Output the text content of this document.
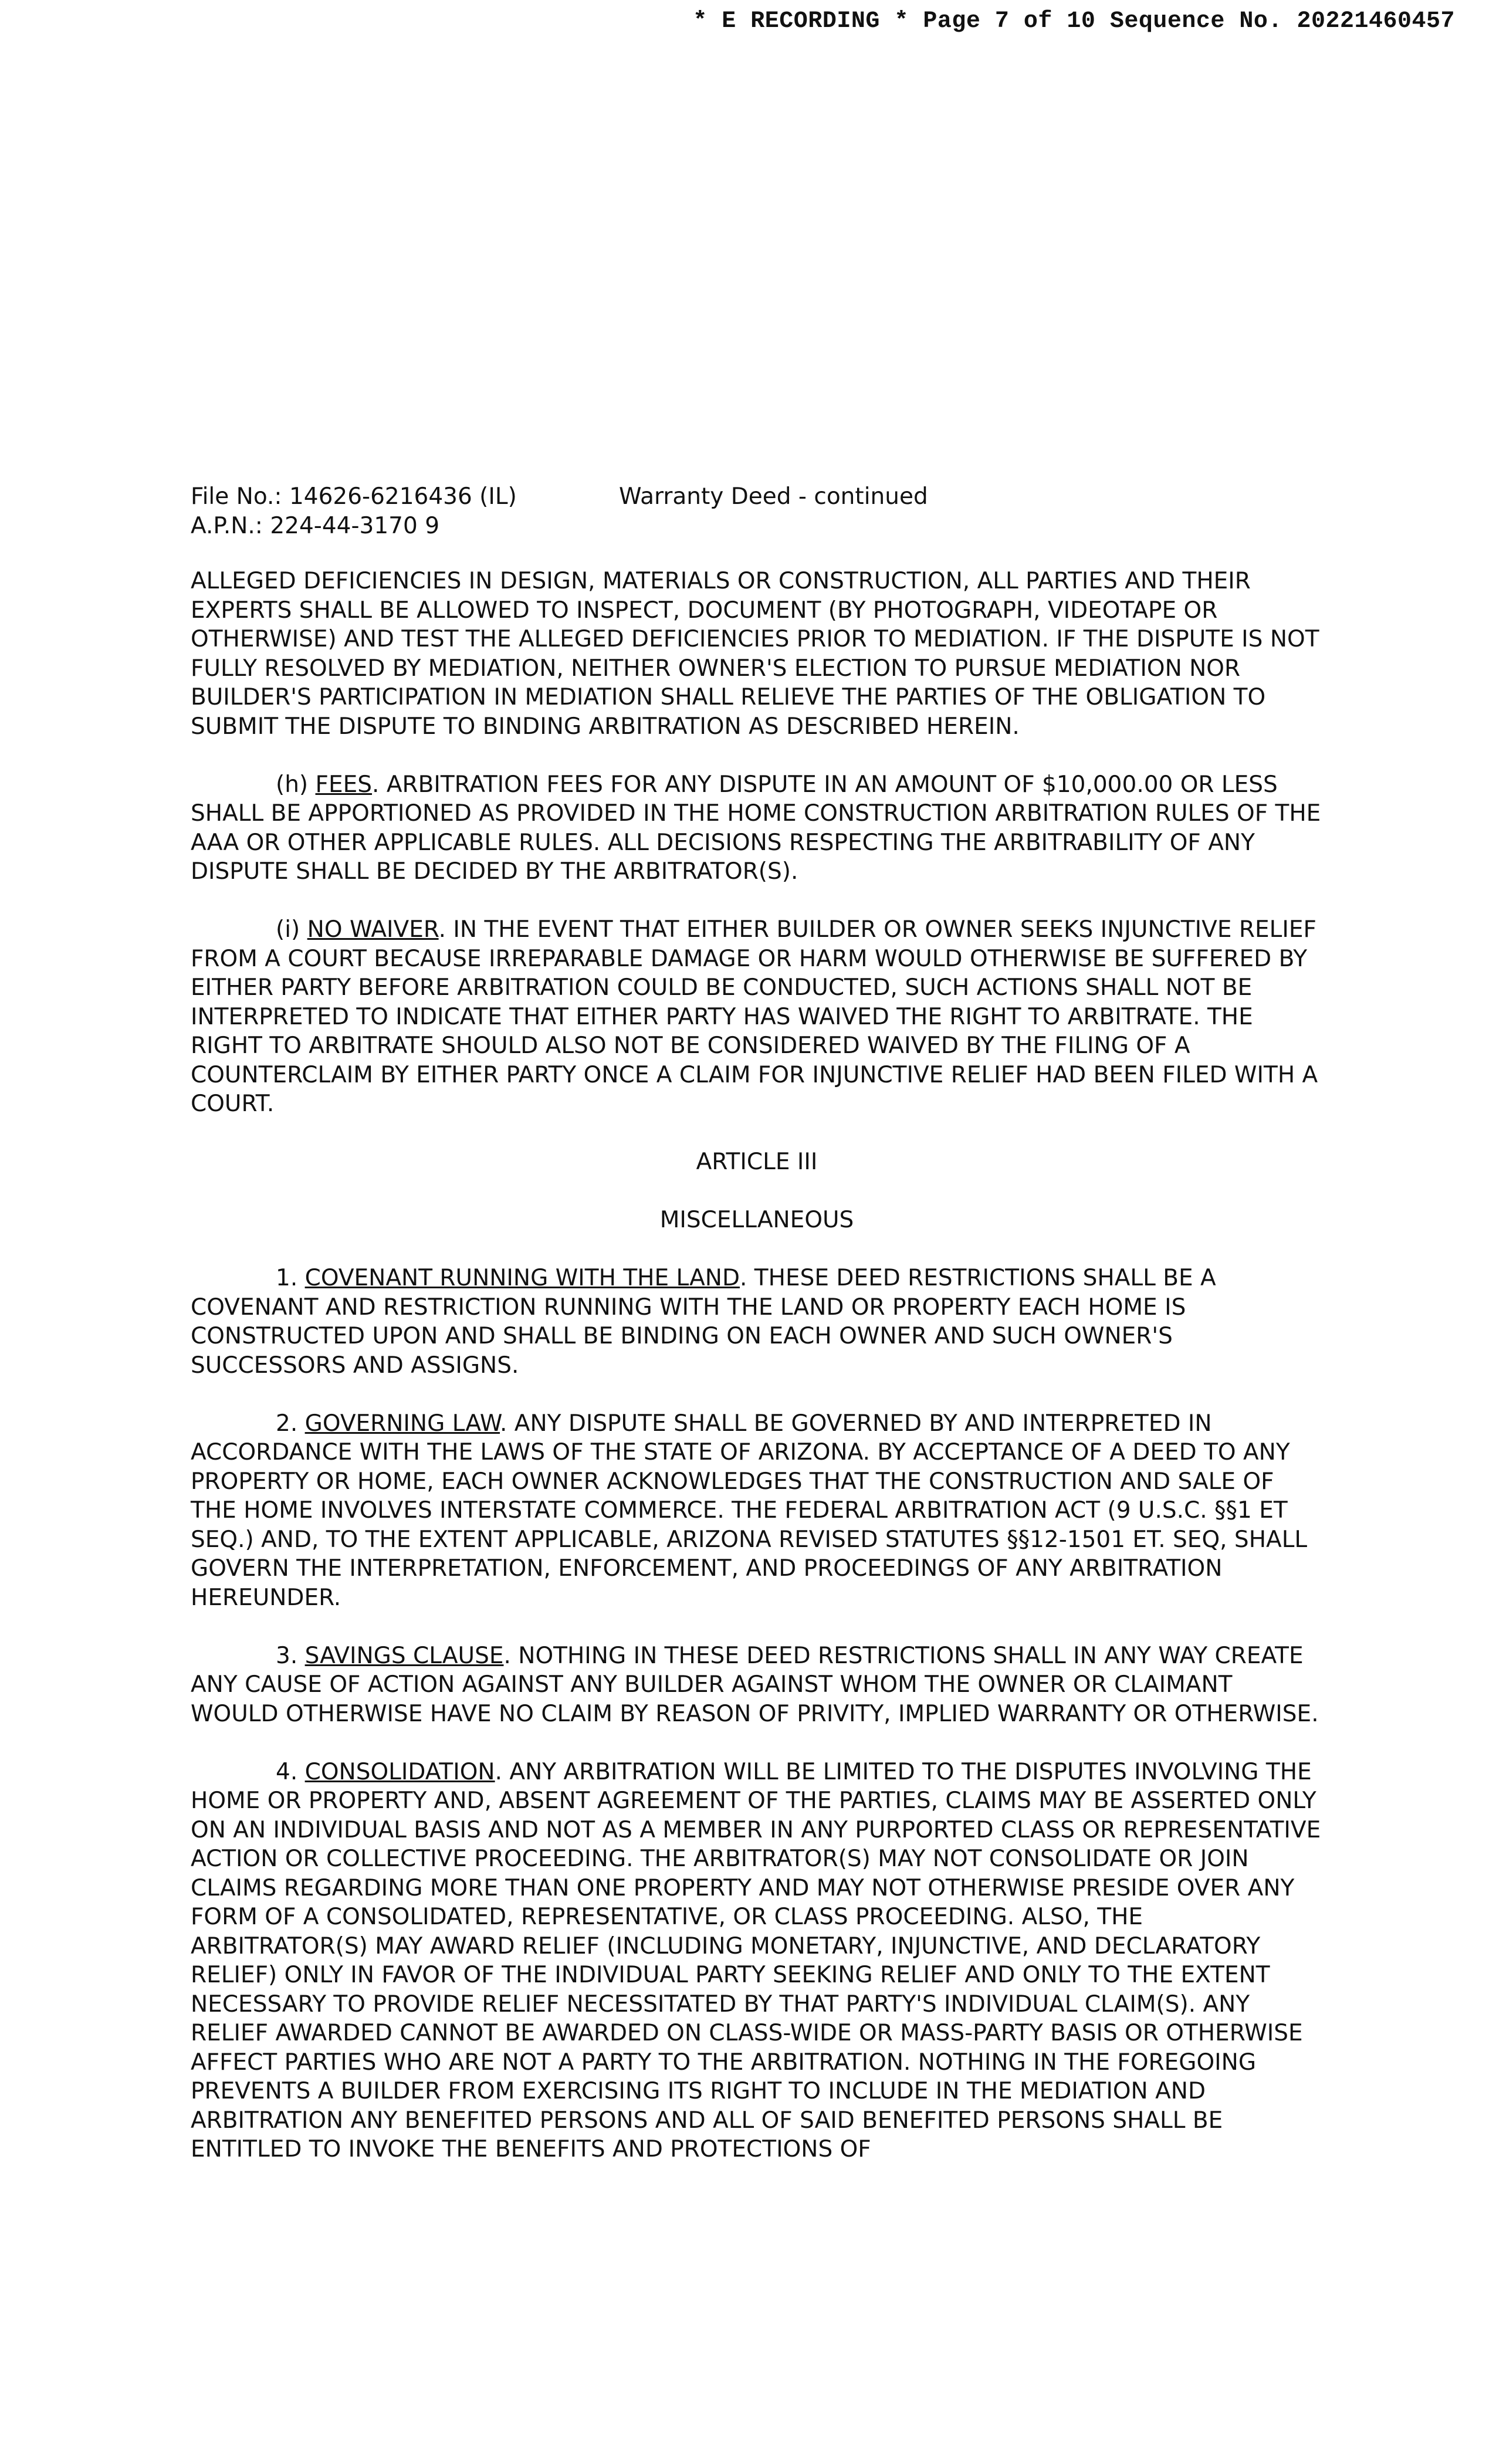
* E RECORDING * Page 7 of 10 Sequence No. 20221460457
File No.: 14626-6216436 (IL)	Warranty Deed - continued
A.P.N.: 224-44-3170 9

ALLEGED DEFICIENCIES IN DESIGN, MATERIALS OR CONSTRUCTION, ALL PARTIES AND THEIR EXPERTS SHALL BE ALLOWED TO INSPECT, DOCUMENT (BY PHOTOGRAPH, VIDEOTAPE OR OTHERWISE) AND TEST THE ALLEGED DEFICIENCIES PRIOR TO MEDIATION. IF THE DISPUTE IS NOT FULLY RESOLVED BY MEDIATION, NEITHER OWNER'S ELECTION TO PURSUE MEDIATION NOR BUILDER'S PARTICIPATION IN MEDIATION SHALL RELIEVE THE PARTIES OF THE OBLIGATION TO SUBMIT THE DISPUTE TO BINDING ARBITRATION AS DESCRIBED HEREIN.

(h) FEES. ARBITRATION FEES FOR ANY DISPUTE IN AN AMOUNT OF $10,000.00 OR LESS SHALL BE APPORTIONED AS PROVIDED IN THE HOME CONSTRUCTION ARBITRATION RULES OF THE AAA OR OTHER APPLICABLE RULES. ALL DECISIONS RESPECTING THE ARBITRABILITY OF ANY DISPUTE SHALL BE DECIDED BY THE ARBITRATOR(S).

(i) NO WAIVER. IN THE EVENT THAT EITHER BUILDER OR OWNER SEEKS INJUNCTIVE RELIEF FROM A COURT BECAUSE IRREPARABLE DAMAGE OR HARM WOULD OTHERWISE BE SUFFERED BY EITHER PARTY BEFORE ARBITRATION COULD BE CONDUCTED, SUCH ACTIONS SHALL NOT BE INTERPRETED TO INDICATE THAT EITHER PARTY HAS WAIVED THE RIGHT TO ARBITRATE. THE RIGHT TO ARBITRATE SHOULD ALSO NOT BE CONSIDERED WAIVED BY THE FILING OF A COUNTERCLAIM BY EITHER PARTY ONCE A CLAIM FOR INJUNCTIVE RELIEF HAD BEEN FILED WITH A COURT.

ARTICLE III

MISCELLANEOUS

1. COVENANT RUNNING WITH THE LAND. THESE DEED RESTRICTIONS SHALL BE A COVENANT AND RESTRICTION RUNNING WITH THE LAND OR PROPERTY EACH HOME IS CONSTRUCTED UPON AND SHALL BE BINDING ON EACH OWNER AND SUCH OWNER'S SUCCESSORS AND ASSIGNS.

2. GOVERNING LAW. ANY DISPUTE SHALL BE GOVERNED BY AND INTERPRETED IN ACCORDANCE WITH THE LAWS OF THE STATE OF ARIZONA. BY ACCEPTANCE OF A DEED TO ANY PROPERTY OR HOME, EACH OWNER ACKNOWLEDGES THAT THE CONSTRUCTION AND SALE OF THE HOME INVOLVES INTERSTATE COMMERCE. THE FEDERAL ARBITRATION ACT (9 U.S.C. §§1 ET SEQ.) AND, TO THE EXTENT APPLICABLE, ARIZONA REVISED STATUTES §§12-1501 ET. SEQ, SHALL GOVERN THE INTERPRETATION, ENFORCEMENT, AND PROCEEDINGS OF ANY ARBITRATION HEREUNDER.

3. SAVINGS CLAUSE. NOTHING IN THESE DEED RESTRICTIONS SHALL IN ANY WAY CREATE ANY CAUSE OF ACTION AGAINST ANY BUILDER AGAINST WHOM THE OWNER OR CLAIMANT WOULD OTHERWISE HAVE NO CLAIM BY REASON OF PRIVITY, IMPLIED WARRANTY OR OTHERWISE.

4. CONSOLIDATION. ANY ARBITRATION WILL BE LIMITED TO THE DISPUTES INVOLVING THE HOME OR PROPERTY AND, ABSENT AGREEMENT OF THE PARTIES, CLAIMS MAY BE ASSERTED ONLY ON AN INDIVIDUAL BASIS AND NOT AS A MEMBER IN ANY PURPORTED CLASS OR REPRESENTATIVE ACTION OR COLLECTIVE PROCEEDING. THE ARBITRATOR(S) MAY NOT CONSOLIDATE OR JOIN CLAIMS REGARDING MORE THAN ONE PROPERTY AND MAY NOT OTHERWISE PRESIDE OVER ANY FORM OF A CONSOLIDATED, REPRESENTATIVE, OR CLASS PROCEEDING. ALSO, THE ARBITRATOR(S) MAY AWARD RELIEF (INCLUDING MONETARY, INJUNCTIVE, AND DECLARATORY RELIEF) ONLY IN FAVOR OF THE INDIVIDUAL PARTY SEEKING RELIEF AND ONLY TO THE EXTENT NECESSARY TO PROVIDE RELIEF NECESSITATED BY THAT PARTY'S INDIVIDUAL CLAIM(S). ANY RELIEF AWARDED CANNOT BE AWARDED ON CLASS-WIDE OR MASS-PARTY BASIS OR OTHERWISE AFFECT PARTIES WHO ARE NOT A PARTY TO THE ARBITRATION. NOTHING IN THE FOREGOING PREVENTS A BUILDER FROM EXERCISING ITS RIGHT TO INCLUDE IN THE MEDIATION AND ARBITRATION ANY BENEFITED PERSONS AND ALL OF SAID BENEFITED PERSONS SHALL BE ENTITLED TO INVOKE THE BENEFITS AND PROTECTIONS OF
